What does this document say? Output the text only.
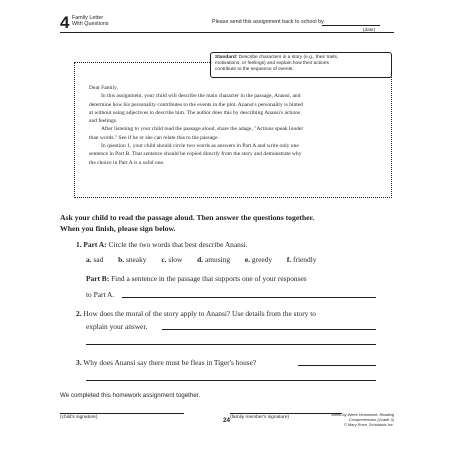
4 Family Letter
With Questions	Please send this assignment back to school by
(date)
Standard: Describe characters in a story (e.g., their traits,
motivations, or feelings) and explain how their actions
contribute to the sequence of events.

Dear Family,

In this assignment, your child will describe the main character in the passage, Anansi, and

determine how his personality contributes to the events in the plot. Anansi's personality is hinted

at without using adjectives to describe him. The author does this by describing Anansi's actions

and feelings.

After listening to your child read the passage aloud, share the adage, "Actions speak louder

than words." See if he or she can relate this to the passage.

In question 1, your child should circle two words as answers in Part A and write only one

sentence in Part B. That sentence should be copied directly from the story and demonstrate why

the choice in Part A is a solid one.

Ask your child to read the passage aloud. Then answer the questions together.
When you finish, please sign below.
1. Part A: Circle the two words that best describe Anansi.
a. sad b. sneaky c. slow d. amusing e. greedy f. friendly
Part B: Find a sentence in the passage that supports one of your responses
to Part A.
2. How does the moral of the story apply to Anansi? Use details from the story to
explain your answer.
3. Why does Anansi say there must be fleas in Tiger's house?
We completed this homework assignment together.
(child's signature)	(family member's signature)
24
Week-by-Week Homework: Reading Comprehension (Grade 3)
© Mary Rose, Scholastic Inc.
